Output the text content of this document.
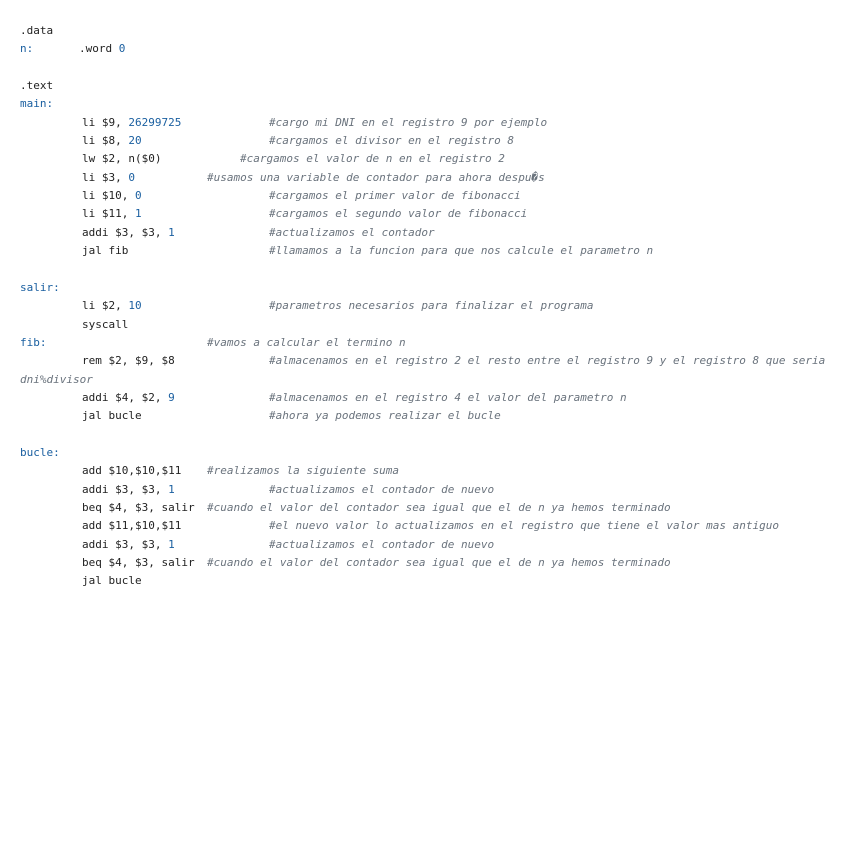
.data
n:	.word 0
.text
main:
li $9, 26299725	#cargo mi DNI en el registro 9 por ejemplo
li $8, 20	#cargamos el divisor en el registro 8
lw $2, n($0)	#cargamos el valor de n en el registro 2
li $3, 0	#usamos una variable de contador para ahora despu�s
li $10, 0	#cargamos el primer valor de fibonacci
li $11, 1	#cargamos el segundo valor de fibonacci
addi $3, $3, 1	#actualizamos el contador
jal fib	#llamamos a la funcion para que nos calcule el parametro n
salir:
li $2, 10	#parametros necesarios para finalizar el programa
syscall
fib:	#vamos a calcular el termino n
rem $2, $9, $8	#almacenamos en el registro 2 el resto entre el registro 9 y el registro 8 que seria
dni%divisor
addi $4, $2, 9	#almacenamos en el registro 4 el valor del parametro n
jal bucle	#ahora ya podemos realizar el bucle
bucle:
add $10,$10,$11 #realizamos la siguiente suma
addi $3, $3, 1	#actualizamos el contador de nuevo
beq $4, $3, salir #cuando el valor del contador sea igual que el de n ya hemos terminado
add $11,$10,$11	#el nuevo valor lo actualizamos en el registro que tiene el valor mas antiguo
addi $3, $3, 1	#actualizamos el contador de nuevo
beq $4, $3, salir #cuando el valor del contador sea igual que el de n ya hemos terminado
jal bucle
